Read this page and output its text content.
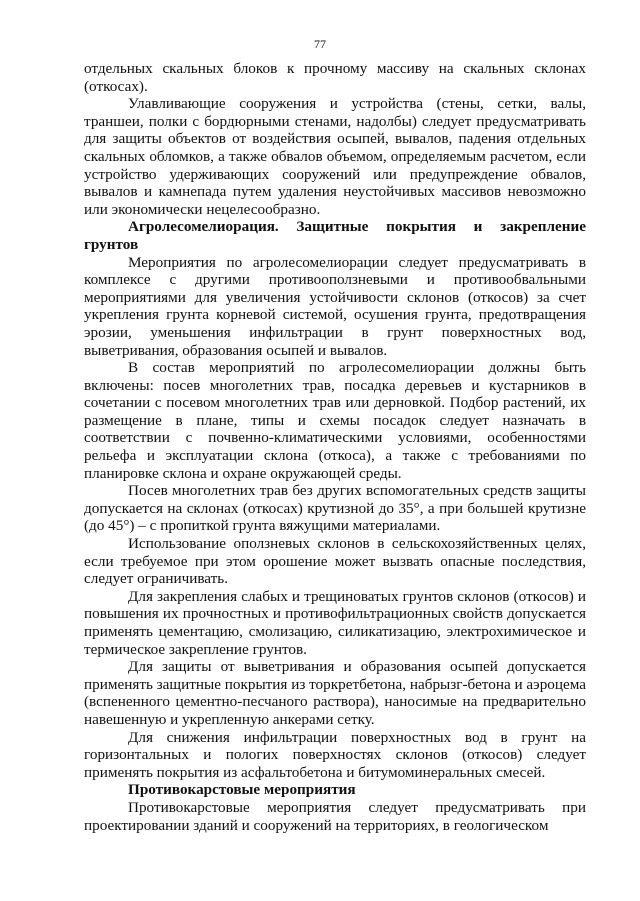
77

отдельных скальных блоков к прочному массиву на скальных склонах (откосах).

Улавливающие сооружения и устройства (стены, сетки, валы, траншеи, полки с бордюрными стенами, надолбы) следует предусматривать для защиты объектов от воздействия осыпей, вывалов, падения отдельных скальных обломков, а также обвалов объемом, определяемым расчетом, если устройство удерживающих сооружений или предупреждение обвалов, вывалов и камнепада путем удаления неустойчивых массивов невозможно или экономически нецелесообразно.

Агролесомелиорация. Защитные покрытия и закрепление грунтов

Мероприятия по агролесомелиорации следует предусматривать в комплексе с другими противооползневыми и противообвальными мероприятиями для увеличения устойчивости склонов (откосов) за счет укрепления грунта корневой системой, осушения грунта, предотвращения эрозии, уменьшения инфильтрации в грунт поверхностных вод, выветривания, образования осыпей и вывалов.

В состав мероприятий по агролесомелиорации должны быть включены: посев многолетних трав, посадка деревьев и кустарников в сочетании с посевом многолетних трав или дерновкой. Подбор растений, их размещение в плане, типы и схемы посадок следует назначать в соответствии с почвенно-климатическими условиями, особенностями рельефа и эксплуатации склона (откоса), а также с требованиями по планировке склона и охране окружающей среды.

Посев многолетних трав без других вспомогательных средств защиты допускается на склонах (откосах) крутизной до 35°, а при большей крутизне (до 45°) – с пропиткой грунта вяжущими материалами.

Использование оползневых склонов в сельскохозяйственных целях, если требуемое при этом орошение может вызвать опасные последствия, следует ограничивать.

Для закрепления слабых и трещиноватых грунтов склонов (откосов) и повышения их прочностных и противофильтрационных свойств допускается применять цементацию, смолизацию, силикатизацию, электрохимическое и термическое закрепление грунтов.

Для защиты от выветривания и образования осыпей допускается применять защитные покрытия из торкретбетона, набрызг-бетона и аэроцема (вспененного цементно-песчаного раствора), наносимые на предварительно навешенную и укрепленную анкерами сетку.

Для снижения инфильтрации поверхностных вод в грунт на горизонтальных и пологих поверхностях склонов (откосов) следует применять покрытия из асфальтобетона и битумоминеральных смесей.

Противокарстовые мероприятия

Противокарстовые мероприятия следует предусматривать при проектировании зданий и сооружений на территориях, в геологическом
